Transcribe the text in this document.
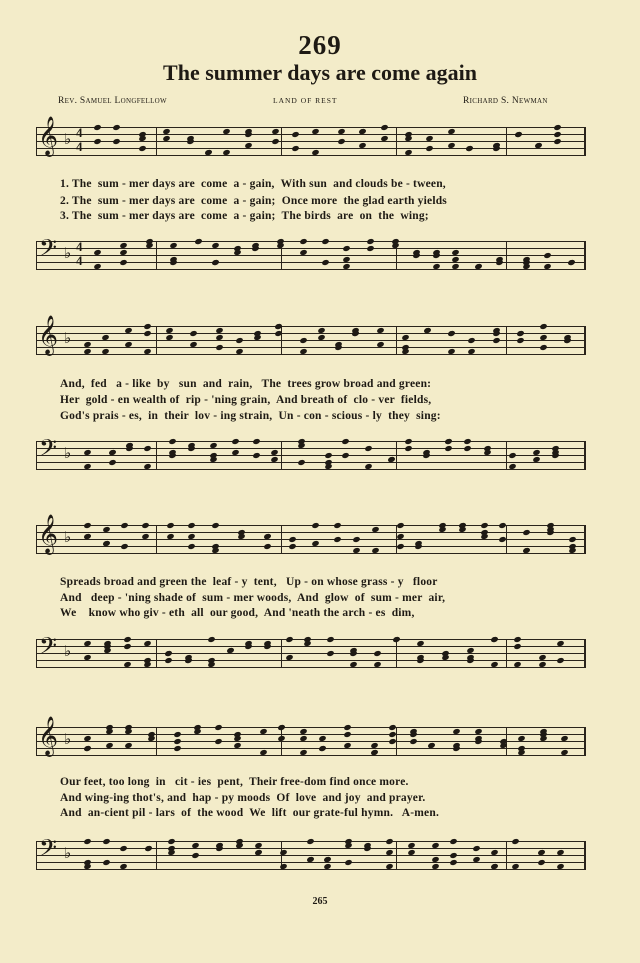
269
The summer days are come again
Rev. Samuel Longfellow	LAND OF REST	Richard S. Newman
𝄞 ♭ 4
4
1. The  sum - mer days are  come  a - gain,  With sun  and clouds be - tween,
2. The  sum - mer days are  come  a - gain;  Once more  the glad earth yields
3. The  sum - mer days are  come  a - gain;  The birds  are  on  the  wing;
𝄢 ♭ 4
4
𝄞 ♭
And,  fed   a - like  by   sun  and  rain,   The  trees grow broad and green:
Her  gold - en wealth of  rip - 'ning grain,  And breath of  clo - ver  fields,
God's prais - es,  in  their  lov - ing strain,  Un - con - scious - ly  they  sing:
𝄢 ♭
𝄞 ♭
Spreads broad and green the  leaf - y  tent,   Up - on whose grass - y   floor
And   deep - 'ning shade of  sum - mer woods,  And  glow  of  sum - mer  air,
We    know who giv - eth  all  our good,  And 'neath the arch - es  dim,
𝄢 ♭
𝄞 ♭
Our feet, too long  in   cit - ies  pent,  Their free-dom find once more.
And wing-ing thot's, and  hap - py moods  Of  love  and joy  and prayer.
And  an-cient pil - lars  of  the wood  We  lift  our grate-ful hymn.   A-men.
𝄢 ♭
265
